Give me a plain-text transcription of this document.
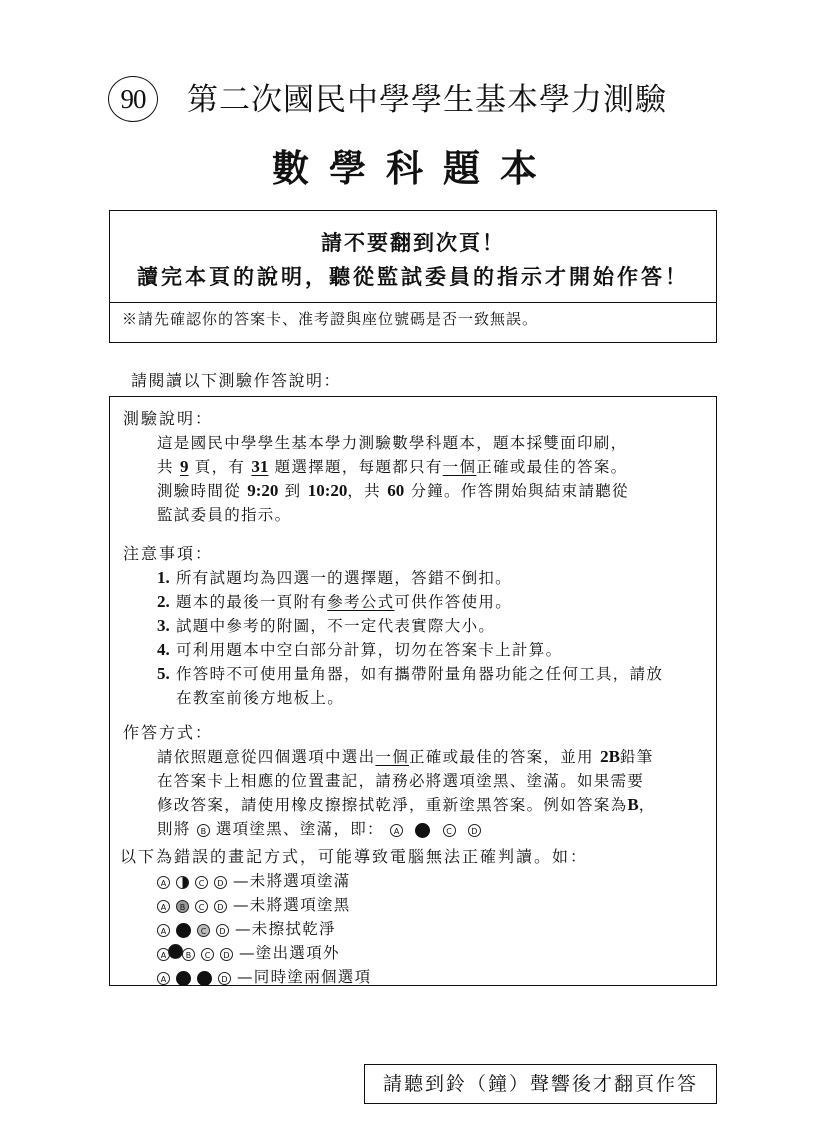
90	第二次國民中學學生基本學力測驗
數學科題本
請不要翻到次頁！
讀完本頁的說明，聽從監試委員的指示才開始作答！
※請先確認你的答案卡、准考證與座位號碼是否一致無誤。
請閱讀以下測驗作答說明：
測驗說明：
這是國民中學學生基本學力測驗數學科題本，題本採雙面印刷，
共 9 頁，有 31 題選擇題，每題都只有一個正確或最佳的答案。
測驗時間從 9:20 到 10:20，共 60 分鐘。作答開始與結束請聽從
監試委員的指示。
注意事項：
1. 所有試題均為四選一的選擇題，答錯不倒扣。
2. 題本的最後一頁附有參考公式可供作答使用。
3. 試題中參考的附圖，不一定代表實際大小。
4. 可利用題本中空白部分計算，切勿在答案卡上計算。
5. 作答時不可使用量角器，如有攜帶附量角器功能之任何工具，請放
在教室前後方地板上。
作答方式：
請依照題意從四個選項中選出一個正確或最佳的答案，並用 2B鉛筆
在答案卡上相應的位置畫記，請務必將選項塗黑、塗滿。如果需要
修改答案，請使用橡皮擦擦拭乾淨，重新塗黑答案。例如答案為B，
則將 B 選項塗黑、塗滿，即： A	C D
以下為錯誤的畫記方式，可能導致電腦無法正確判讀。如：
A	C D —未將選項塗滿
A B C D —未將選項塗黑
A	C D —未擦拭乾淨
A B C D —塗出選項外
A	D —同時塗兩個選項
請聽到鈴（鐘）聲響後才翻頁作答
